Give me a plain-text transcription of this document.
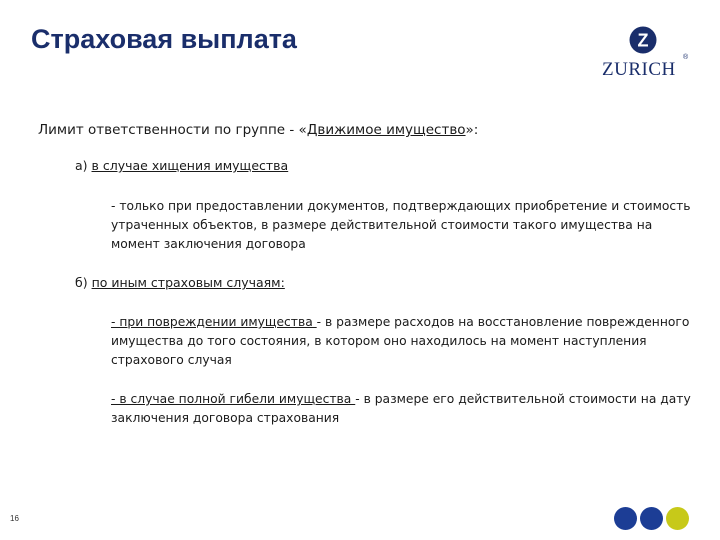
Страховая выплата	Z
ZURICH
®

Лимит ответственности по группе - «Движимое имущество»:

а) в случае хищения имущества

- только при предоставлении документов, подтверждающих приобретение и стоимость утраченных объектов, в размере действительной стоимости такого имущества на момент заключения договора

б) по иным страховым случаям:

- при повреждении имущества - в размере расходов на восстановление поврежденного имущества до того состояния, в котором оно находилось на момент наступления страхового случая

- в случае полной гибели имущества - в размере его действительной стоимости на дату заключения договора страхования

16
